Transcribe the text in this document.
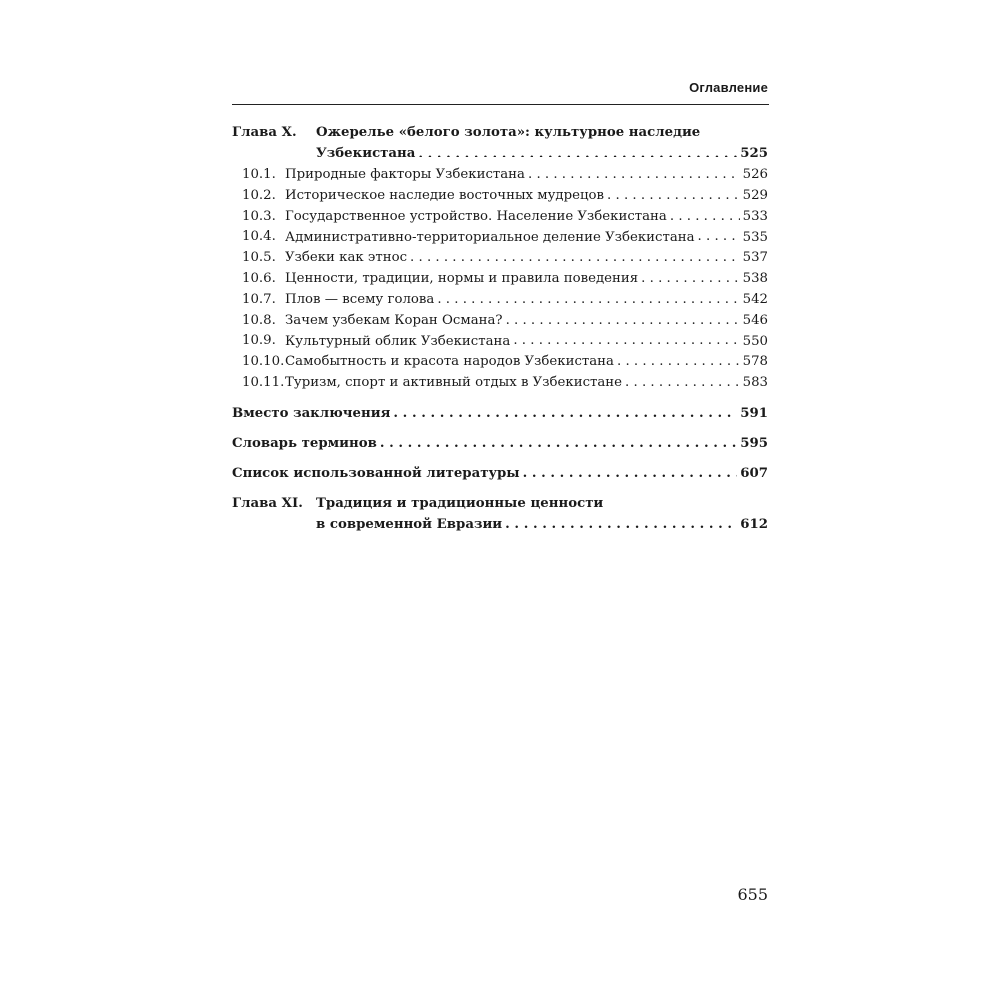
Оглавление
Глава X.	Ожерелье «белого золота»: культурное наследие
Узбекистана . . .	525
10.1. Природные факторы Узбекистана . . .	526
10.2. Историческое наследие восточных мудрецов . . .	529
10.3. Государственное устройство. Население Узбекистана . . .	533
10.4. Административно-территориальное деление Узбекистана . . .	535
10.5. Узбеки как этнос . . .	537
10.6. Ценности, традиции, нормы и правила поведения . . .	538
10.7. Плов — всему голова . . .	542
10.8. Зачем узбекам Коран Османа? . . .	546
10.9. Культурный облик Узбекистана . . .	550
10.10. Самобытность и красота народов Узбекистана . . .	578
10.11. Туризм, спорт и активный отдых в Узбекистане . . .	583
Вместо заключения . . .	591
Словарь терминов . . .	595
Список использованной литературы . . .	607
Глава XI. Традиция и традиционные ценности
в современной Евразии . . .	612
655
